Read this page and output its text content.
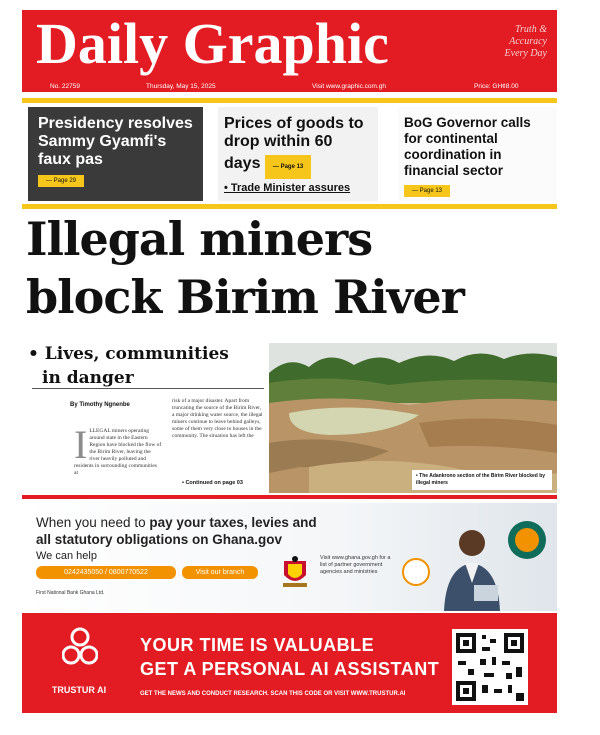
Daily Graphic	Truth &
Accuracy
Every Day
No. 22759	Thursday, May 15, 2025	Visit www.graphic.com.gh	Price: GH¢8.00
Presidency resolves Sammy Gyamfi's faux pas
— Page 29
Prices of goods to drop within 60 days — Page 13
• Trade Minister assures
BoG Governor calls for continental coordination in financial sector
— Page 13
Illegal miners
block Birim River
• Lives, communities
in danger
By Timothy Ngnenbe
I LLEGAL miners operating around state in the Eastern Region have blocked the flow of the Birim River, leaving the river heavily polluted and residents in surrounding communities at
risk of a major disaster. Apart from truncating the source of the Birim River, a major drinking water source, the illegal miners continue to leave behind galleys, some of them very close to houses in the community. The situation has left the
• Continued on page 03
• The Adankrono section of the Birim River blocked by illegal miners
When you need to pay your taxes, levies and
all statutory obligations on Ghana.gov
We can help
0242435050 / 0800770522	Visit our branch
First National Bank Ghana Ltd.
Visit www.ghana.gov.gh for a list of partner government agencies and ministries
TRUSTUR AI
YOUR TIME IS VALUABLE
GET A PERSONAL AI ASSISTANT
GET THE NEWS AND CONDUCT RESEARCH. SCAN THIS CODE OR VISIT WWW.TRUSTUR.AI
